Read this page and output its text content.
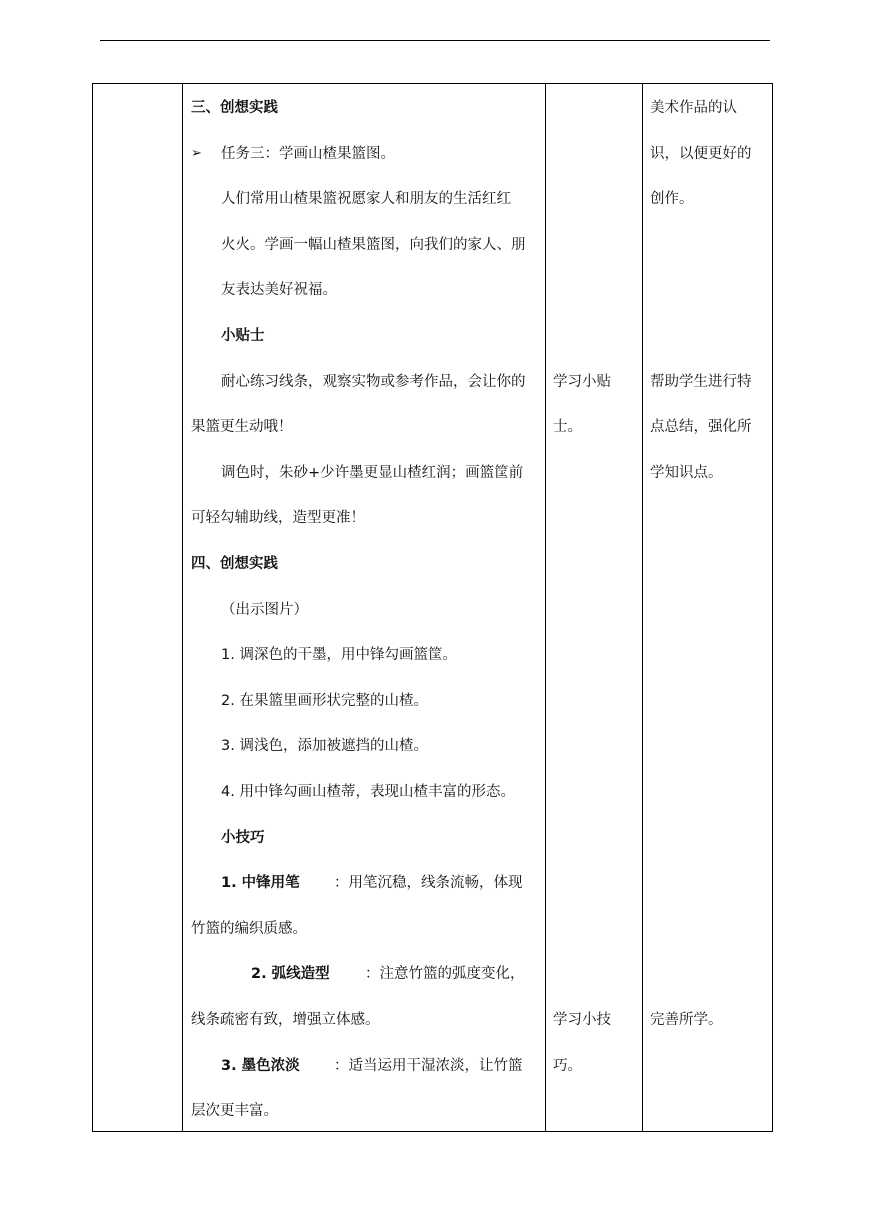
三、创想实践
➢ 任务三：学画山楂果篮图。
人们常用山楂果篮祝愿家人和朋友的生活红红
火火。学画一幅山楂果篮图，向我们的家人、朋
友表达美好祝福。
小贴士
耐心练习线条，观察实物或参考作品，会让你的
果篮更生动哦！
调色时，朱砂+少许墨更显山楂红润；画篮筐前
可轻勾辅助线，造型更准！
四、创想实践
（出示图片）
1. 调深色的干墨，用中锋勾画篮筐。
2. 在果篮里画形状完整的山楂。
3. 调浅色，添加被遮挡的山楂。
4. 用中锋勾画山楂蒂，表现山楂丰富的形态。
小技巧
1. 中锋用笔 ：用笔沉稳，线条流畅，体现
竹篮的编织质感。
2. 弧线造型 ：注意竹篮的弧度变化，
线条疏密有致，增强立体感。
3. 墨色浓淡 ：适当运用干湿浓淡，让竹篮
层次更丰富。
学习小贴
士。
学习小技
巧。
美术作品的认
识，以便更好的
创作。
帮助学生进行特
点总结，强化所
学知识点。
完善所学。
